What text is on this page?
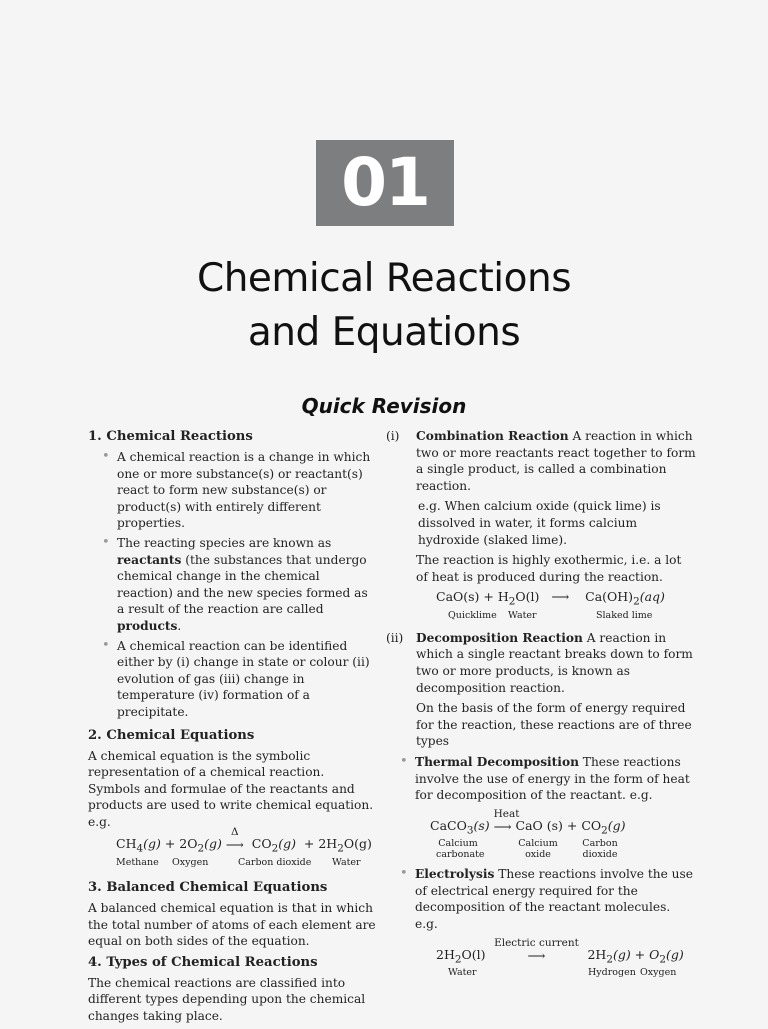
01
Chemical Reactions
and Equations
Quick Revision
1. Chemical Reactions
• A chemical reaction is a change in which one or more substance(s) or reactant(s) react to form new substance(s) or product(s) with entirely different properties.
• The reacting species are known as reactants (the substances that undergo chemical change in the chemical reaction) and the new species formed as a result of the reaction are called products.
• A chemical reaction can be identified either by (i) change in state or colour (ii) evolution of gas (iii) change in temperature (iv) formation of a precipitate.
2. Chemical Equations

A chemical equation is the symbolic representation of a chemical reaction. Symbols and formulae of the reactants and products are used to write chemical equation. e.g.

$CH_4(g) + 2O_2(g)$
Δ
⟶ $CO_2(g) + 2H_2O(g)$
Methane Oxygen	Carbon dioxide Water
3. Balanced Chemical Equations

A balanced chemical equation is that in which the total number of atoms of each element are equal on both sides of the equation.

4. Types of Chemical Reactions

The chemical reactions are classified into different types depending upon the chemical changes taking place.

(i) Combination Reaction A reaction in which two or more reactants react together to form a single product, is called a combination reaction.

e.g. When calcium oxide (quick lime) is dissolved in water, it forms calcium hydroxide (slaked lime).

The reaction is highly exothermic, i.e. a lot of heat is produced during the reaction.

$CaO(s) + H_2O(l)$ ⟶ $Ca(OH)_2(aq)$
Quicklime Water	Slaked lime
(ii) Decomposition Reaction A reaction in which a single reactant breaks down to form two or more products, is known as decomposition reaction.

On the basis of the form of energy required for the reaction, these reactions are of three types

• Thermal Decomposition These reactions involve the use of energy in the form of heat for decomposition of the reactant. e.g.
CaCO$_3$(s)
Heat
⟶ CaO $(s) + CO_2(g)$
Calcium carbonate
Calcium oxide
Carbon dioxide
• Electrolysis These reactions involve the use of electrical energy required for the decomposition of the reactant molecules. e.g.
$2H_2O(l)$
Electric current
⟶	$2H_2(g) + O_2(g)$
Water	Hydrogen Oxygen
